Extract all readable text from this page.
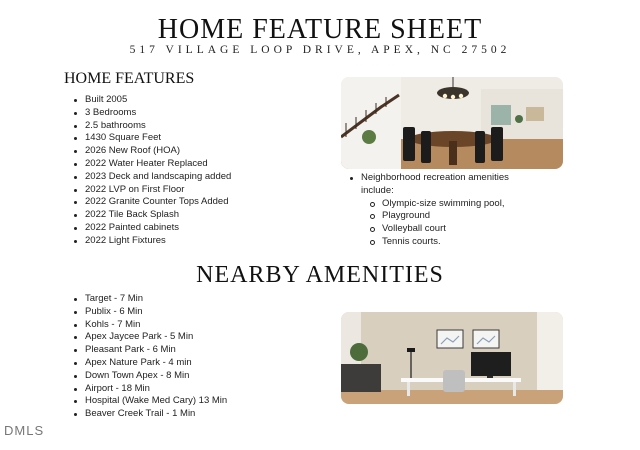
HOME FEATURE SHEET
517 VILLAGE LOOP DRIVE, APEX, NC 27502
HOME FEATURES
Built 2005
3 Bedrooms
2.5 bathrooms
1430 Square Feet
2026 New Roof (HOA)
2022 Water Heater Replaced
2023 Deck and landscaping added
2022 LVP on First Floor
2022 Granite Counter Tops Added
2022 Tile Back Splash
2022 Painted cabinets
2022 Light Fixtures
Neighborhood recreation amenities
include:
Olympic-size swimming pool,
Playground
Volleyball court
Tennis courts.
NEARBY AMENITIES
Target - 7 Min
Publix - 6 Min
Kohls - 7 Min
Apex Jaycee Park - 5 Min
Pleasant Park - 6 Min
Apex Nature Park - 4 min
Down Town Apex - 8 Min
Airport - 18 Min
Hospital (Wake Med Cary) 13 Min
Beaver Creek Trail - 1 Min
DMLS
